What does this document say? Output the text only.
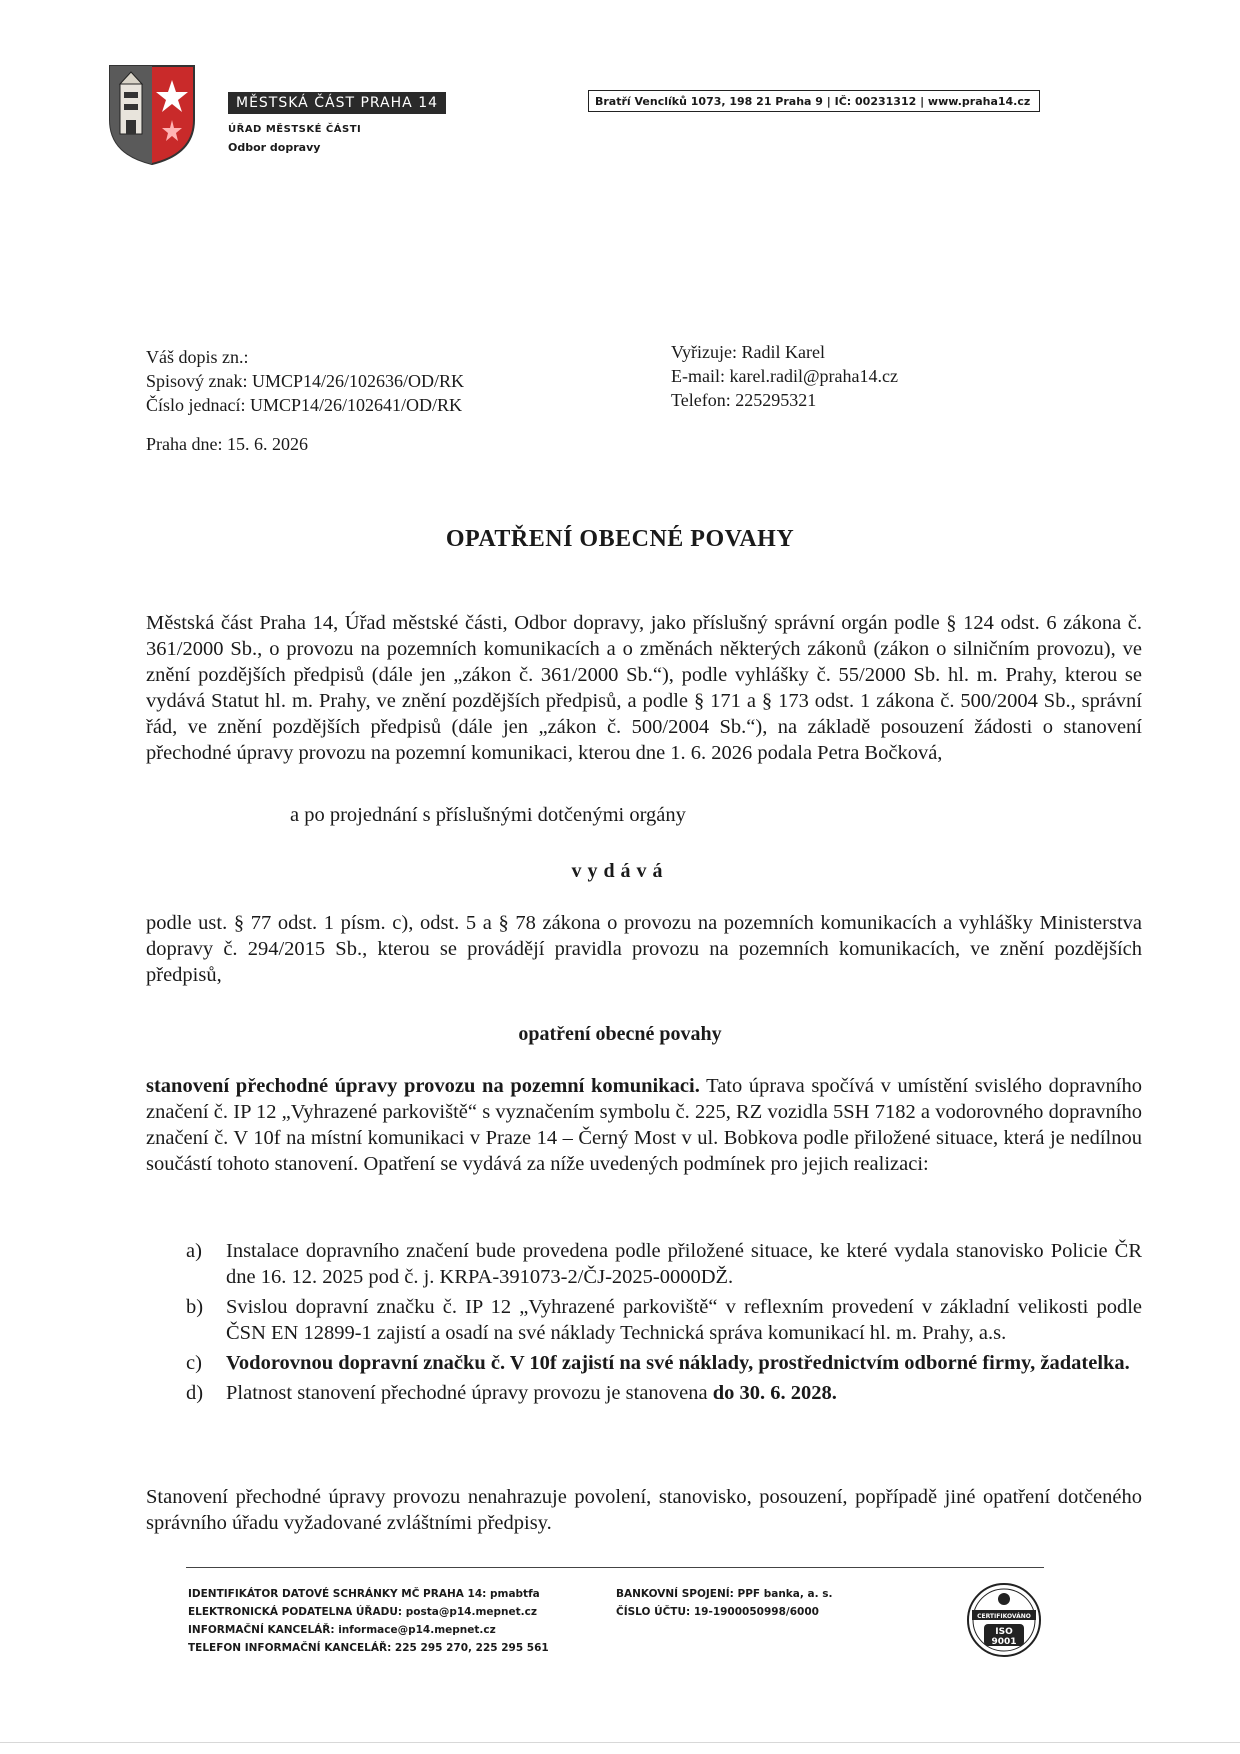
MĚSTSKÁ ČÁST PRAHA 14	Bratří Venclíků 1073, 198 21 Praha 9 | IČ: 00231312 | www.praha14.cz
ÚŘAD MĚSTSKÉ ČÁSTI
Odbor dopravy
Váš dopis zn.:
Spisový znak: UMCP14/26/102636/OD/RK
Číslo jednací: UMCP14/26/102641/OD/RK
Vyřizuje: Radil Karel
E-mail: karel.radil@praha14.cz
Telefon: 225295321
Praha dne: 15. 6. 2026
OPATŘENÍ OBECNÉ POVAHY
Městská část Praha 14, Úřad městské části, Odbor dopravy, jako příslušný správní orgán podle § 124 odst. 6 zákona č. 361/2000 Sb., o provozu na pozemních komunikacích a o změnách některých zákonů (zákon o silničním provozu), ve znění pozdějších předpisů (dále jen „zákon č. 361/2000 Sb.“), podle vyhlášky č. 55/2000 Sb. hl. m. Prahy, kterou se vydává Statut hl. m. Prahy, ve znění pozdějších předpisů, a podle § 171 a § 173 odst. 1 zákona č. 500/2004 Sb., správní řád, ve znění pozdějších předpisů (dále jen „zákon č. 500/2004 Sb.“), na základě posouzení žádosti o stanovení přechodné úpravy provozu na pozemní komunikaci, kterou dne 1. 6. 2026 podala Petra Bočková,
a po projednání s příslušnými dotčenými orgány
vydává
podle ust. § 77 odst. 1 písm. c), odst. 5 a § 78 zákona o provozu na pozemních komunikacích a vyhlášky Ministerstva dopravy č. 294/2015 Sb., kterou se provádějí pravidla provozu na pozemních komunikacích, ve znění pozdějších předpisů,
opatření obecné povahy
stanovení přechodné úpravy provozu na pozemní komunikaci. Tato úprava spočívá v umístění svislého dopravního značení č. IP 12 „Vyhrazené parkoviště“ s vyznačením symbolu č. 225, RZ vozidla 5SH 7182 a vodorovného dopravního značení č. V 10f na místní komunikaci v Praze 14 – Černý Most v ul. Bobkova podle přiložené situace, která je nedílnou součástí tohoto stanovení. Opatření se vydává za níže uvedených podmínek pro jejich realizaci:
a) Instalace dopravního značení bude provedena podle přiložené situace, ke které vydala stanovisko Policie ČR dne 16. 12. 2025 pod č. j. KRPA-391073-2/ČJ-2025-0000DŽ.
b) Svislou dopravní značku č. IP 12 „Vyhrazené parkoviště“ v reflexním provedení v základní velikosti podle ČSN EN 12899-1 zajistí a osadí na své náklady Technická správa komunikací hl. m. Prahy, a.s.
c) Vodorovnou dopravní značku č. V 10f zajistí na své náklady, prostřednictvím odborné firmy, žadatelka.
d) Platnost stanovení přechodné úpravy provozu je stanovena do 30. 6. 2028.
Stanovení přechodné úpravy provozu nenahrazuje povolení, stanovisko, posouzení, popřípadě jiné opatření dotčeného správního úřadu vyžadované zvláštními předpisy.
IDENTIFIKÁTOR DATOVÉ SCHRÁNKY MČ PRAHA 14: pmabtfa
ELEKTRONICKÁ PODATELNA ÚŘADU: posta@p14.mepnet.cz
INFORMAČNÍ KANCELÁŘ: informace@p14.mepnet.cz
TELEFON INFORMAČNÍ KANCELÁŘ: 225 295 270, 225 295 561
BANKOVNÍ SPOJENÍ: PPF banka, a. s.
ČÍSLO ÚČTU: 19-1900050998/6000	CERTIFIKOVÁNO
ISO
9001
